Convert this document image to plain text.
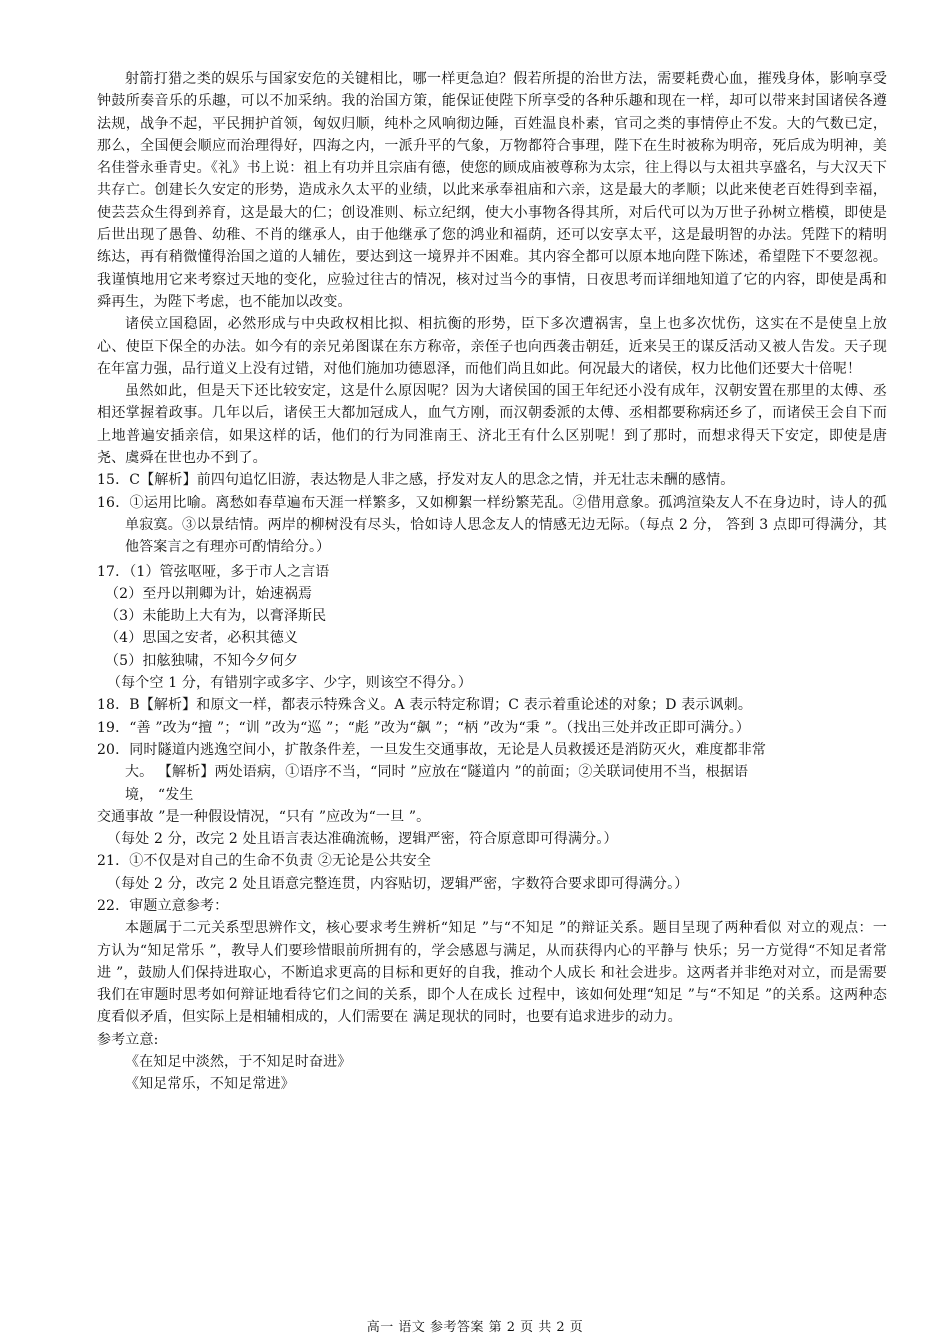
射箭打猎之类的娱乐与国家安危的关键相比，哪一样更急迫？假若所提的治世方法，需要耗费心血，摧残身体，影响享受钟鼓所奏音乐的乐趣，可以不加采纳。我的治国方策，能保证使陛下所享受的各种乐趣和现在一样，却可以带来封国诸侯各遵法规，战争不起，平民拥护首领，匈奴归顺，纯朴之风响彻边陲，百姓温良朴素，官司之类的事情停止不发。大的气数已定，那么，全国便会顺应而治理得好，四海之内，一派升平的气象，万物都符合事理，陛下在生时被称为明帝，死后成为明神，美名佳誉永垂青史。《礼》书上说：祖上有功并且宗庙有德，使您的顾成庙被尊称为太宗，往上得以与太祖共享盛名，与大汉天下共存亡。创建长久安定的形势，造成永久太平的业绩，以此来承奉祖庙和六亲，这是最大的孝顺；以此来使老百姓得到幸福，使芸芸众生得到养育，这是最大的仁；创设准则、标立纪纲，使大小事物各得其所，对后代可以为万世子孙树立楷模，即使是后世出现了愚鲁、幼稚、不肖的继承人，由于他继承了您的鸿业和福荫，还可以安享太平，这是最明智的办法。凭陛下的精明练达，再有稍微懂得治国之道的人辅佐，要达到这一境界并不困难。其内容全都可以原本地向陛下陈述，希望陛下不要忽视。我谨慎地用它来考察过天地的变化，应验过往古的情况，核对过当今的事情，日夜思考而详细地知道了它的内容，即使是禹和舜再生，为陛下考虑，也不能加以改变。

诸侯立国稳固，必然形成与中央政权相比拟、相抗衡的形势，臣下多次遭祸害，皇上也多次忧伤，这实在不是使皇上放心、使臣下保全的办法。如今有的亲兄弟图谋在东方称帝，亲侄子也向西袭击朝廷，近来吴王的谋反活动又被人告发。天子现在年富力强，品行道义上没有过错，对他们施加功德恩泽，而他们尚且如此。何况最大的诸侯，权力比他们还要大十倍呢！

虽然如此，但是天下还比较安定，这是什么原因呢？因为大诸侯国的国王年纪还小没有成年，汉朝安置在那里的太傅、丞相还掌握着政事。几年以后，诸侯王大都加冠成人，血气方刚，而汉朝委派的太傅、丞相都要称病还乡了，而诸侯王会自下而上地普遍安插亲信，如果这样的话，他们的行为同淮南王、济北王有什么区别呢！到了那时，而想求得天下安定，即使是唐尧、虞舜在世也办不到了。

15．C【解析】前四句追忆旧游，表达物是人非之感，抒发对友人的思念之情，并无壮志未酬的感情。

16．①运用比喻。离愁如春草遍布天涯一样繁多，又如柳絮一样纷繁芜乱。②借用意象。孤鸿渲染友人不在身边时，诗人的孤单寂寞。③以景结情。两岸的柳树没有尽头，恰如诗人思念友人的情感无边无际。（每点 2 分， 答到 3 点即可得满分，其他答案言之有理亦可酌情给分。）

17．（1）管弦呕哑，多于市人之言语

（2）至丹以荆卿为计，始速祸焉

（3）未能助上大有为，以膏泽斯民

（4）思国之安者，必积其德义

（5）扣舷独啸，不知今夕何夕

（每个空 1 分，有错别字或多字、少字，则该空不得分。）

18．B【解析】和原文一样，都表示特殊含义。A 表示特定称谓；C 表示着重论述的对象；D 表示讽刺。

19．“善 ”改为“擅 ”；“训 ”改为“巡 ”；“彪 ”改为“飙 ”；“柄 ”改为“秉 ”。（找出三处并改正即可满分。）

20．同时隧道内逃逸空间小，扩散条件差，一旦发生交通事故，无论是人员救援还是消防灭火，难度都非常

大。 【解析】两处语病，①语序不当，“同时 ”应放在“隧道内 ”的前面；②关联词使用不当，根据语

境， “发生

交通事故 ”是一种假设情况，“只有 ”应改为“一旦 ”。

（每处 2 分，改完 2 处且语言表达准确流畅，逻辑严密，符合原意即可得满分。）

21．①不仅是对自己的生命不负责 ②无论是公共安全

（每处 2 分，改完 2 处且语意完整连贯，内容贴切，逻辑严密，字数符合要求即可得满分。）

22．审题立意参考：

本题属于二元关系型思辨作文，核心要求考生辨析“知足 ”与“不知足 ”的辩证关系。题目呈现了两种看似 对立的观点：一方认为“知足常乐 ”，教导人们要珍惜眼前所拥有的，学会感恩与满足，从而获得内心的平静与 快乐；另一方觉得“不知足者常进 ”，鼓励人们保持进取心，不断追求更高的目标和更好的自我，推动个人成长 和社会进步。这两者并非绝对对立，而是需要我们在审题时思考如何辩证地看待它们之间的关系，即个人在成长 过程中，该如何处理“知足 ”与“不知足 ”的关系。这两种态度看似矛盾，但实际上是相辅相成的，人们需要在 满足现状的同时，也要有追求进步的动力。

参考立意:

《在知足中淡然，于不知足时奋进》

《知足常乐，不知足常进》

高一 语文 参考答案 第 2 页 共 2 页
